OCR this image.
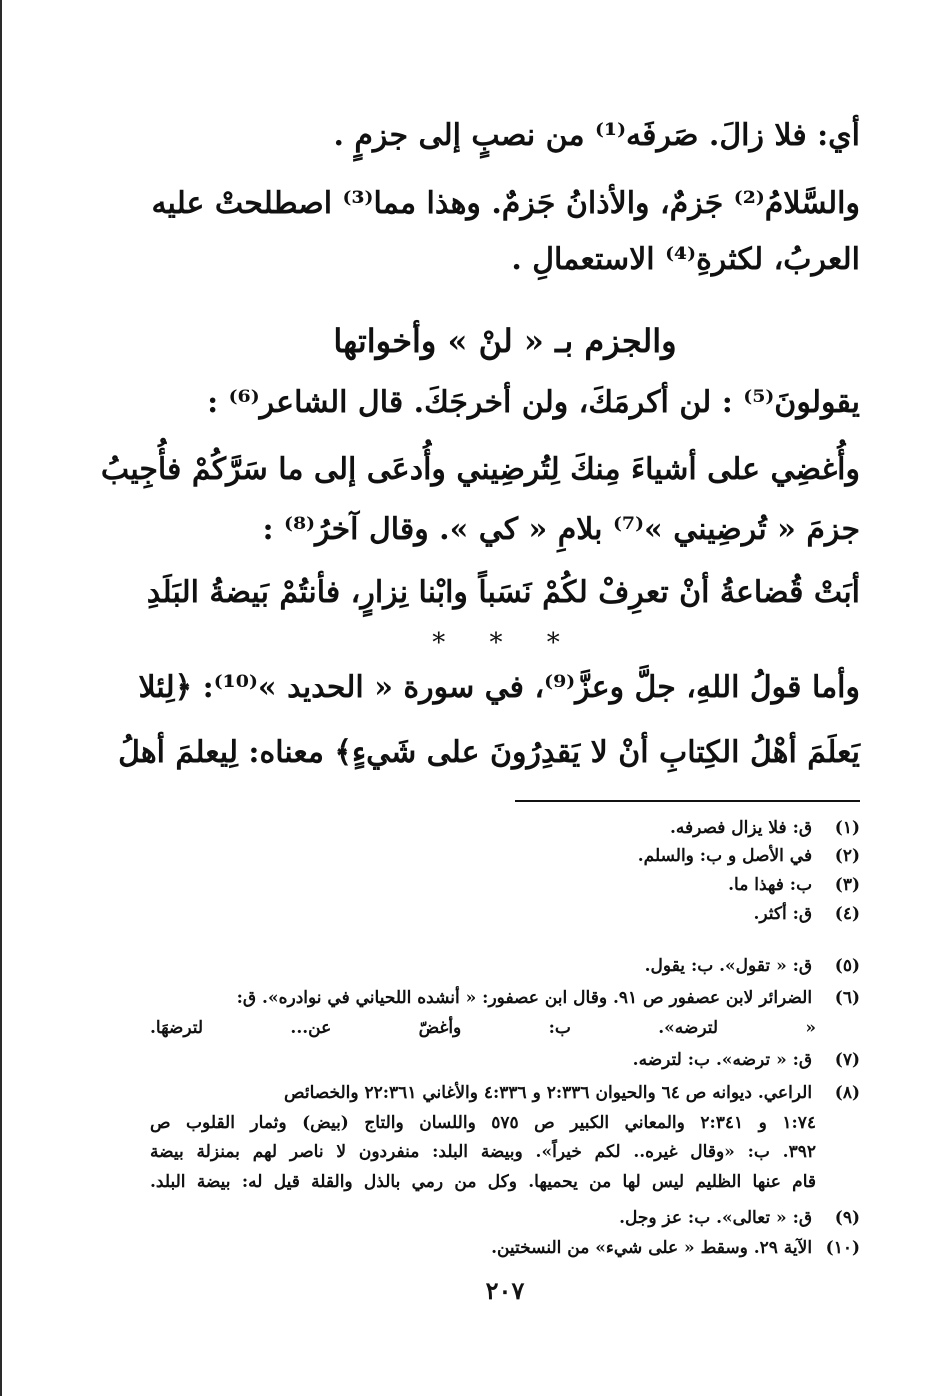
أي: فلا زالَ. صَرفَه⁽¹⁾ من نصبٍ إلى جزمٍ .
والسَّلامُ⁽²⁾ جَزمٌ، والأذانُ جَزمٌ. وهذا مما⁽³⁾ اصطلحتْ عليه
العربُ، لكثرةِ⁽⁴⁾ الاستعمالِ .
والجزم بـ « لنْ » وأخواتها
يقولونَ⁽⁵⁾ : لن أكرمَكَ، ولن أخرجَكَ. قال الشاعر⁽⁶⁾ :
وأُغضِي على أشياءَ مِنكَ لِتُرضِيني وأُدعَى إلى ما سَرَّكُمْ فأُجِيبُ
جزمَ « تُرضِيني »⁽⁷⁾ بلامِ « كي ». وقال آخرُ⁽⁸⁾ :
أبَتْ قُضاعةُ أنْ تعرِفْ لكُمْ نَسَباً وابْنا نِزارٍ، فأنتُمْ بَيضةُ البَلَدِ
* * *
وأما قولُ اللهِ، جلَّ وعزَّ⁽⁹⁾، في سورة « الحديد »⁽¹⁰⁾: ﴿لِئلا
يَعلَمَ أهْلُ الكِتابِ أنْ لا يَقدِرُونَ على شَيءٍ﴾ معناه: لِيعلمَ أهلُ
(١) ق: فلا يزال فصرفه.
(٢) في الأصل و ب: والسلم.
(٣) ب: فهذا ما.
(٤) ق: أكثر.
(٥) ق: « تقول». ب: يقول.
(٦) الضرائر لابن عصفور ص ٩١. وقال ابن عصفور: « أنشده اللحياني في نوادره». ق:
« لترضه». ب: وأغضّ عن... لترضهَا.
(٧) ق: « ترضه». ب: لترضه.
(٨) الراعي. ديوانه ص ٦٤ والحيوان ٢:٣٣٦ و ٤:٣٣٦ والأغاني ٢٢:٣٦١ والخصائص
١:٧٤ و ٢:٣٤١ والمعاني الكبير ص ٥٧٥ واللسان والتاج (بيض) وثمار القلوب ص
٣٩٢. ب: «وقال غيره.. لكم خيراً». وبيضة البلد: منفردون لا ناصر لهم بمنزلة بيضة
قام عنها الظليم ليس لها من يحميها. وكل من رمي بالذل والقلة قيل له: بيضة البلد.
(٩) ق: « تعالى». ب: عز وجل.
(١٠) الآية ٢٩. وسقط « على شيء» من النسختين.
٢٠٧
